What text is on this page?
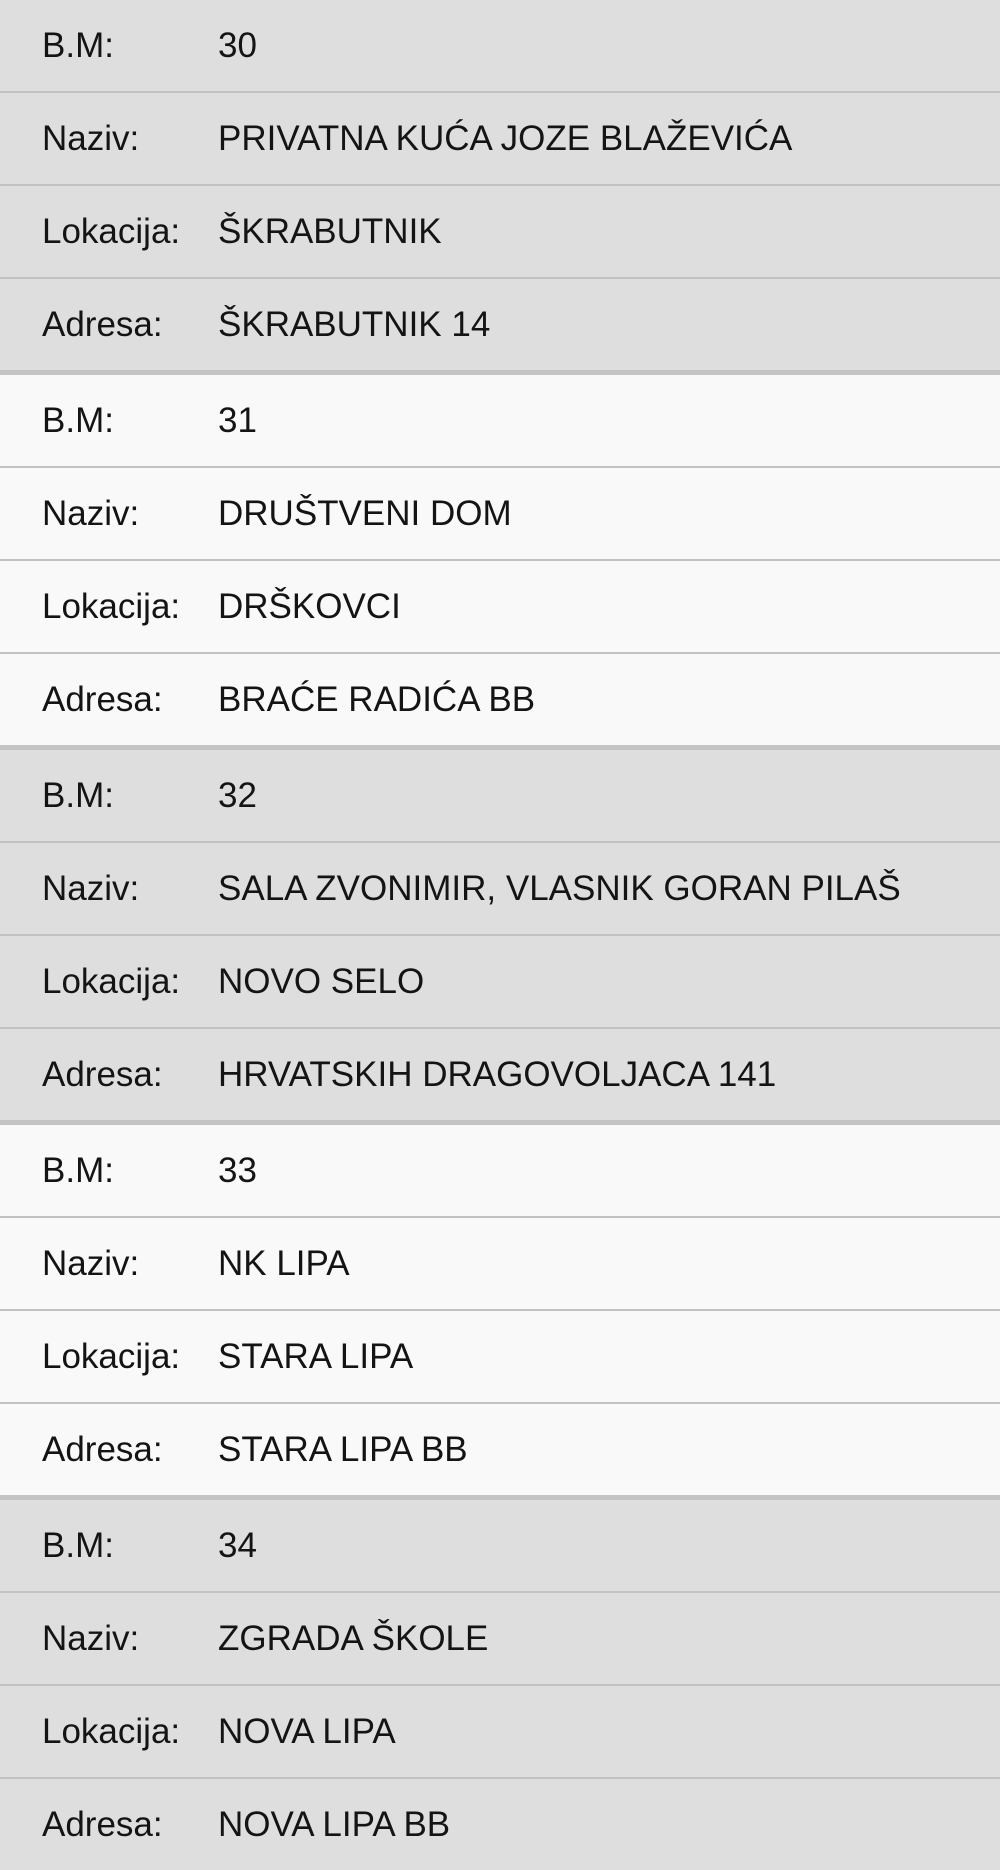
B.M:	30
Naziv:	PRIVATNA KUĆA JOZE BLAŽEVIĆA
Lokacija:	ŠKRABUTNIK
Adresa:	ŠKRABUTNIK 14
B.M:	31
Naziv:	DRUŠTVENI DOM
Lokacija:	DRŠKOVCI
Adresa:	BRAĆE RADIĆA BB
B.M:	32
Naziv:	SALA ZVONIMIR, VLASNIK GORAN PILAŠ
Lokacija:	NOVO SELO
Adresa:	HRVATSKIH DRAGOVOLJACA 141
B.M:	33
Naziv:	NK LIPA
Lokacija:	STARA LIPA
Adresa:	STARA LIPA BB
B.M:	34
Naziv:	ZGRADA ŠKOLE
Lokacija:	NOVA LIPA
Adresa:	NOVA LIPA BB
